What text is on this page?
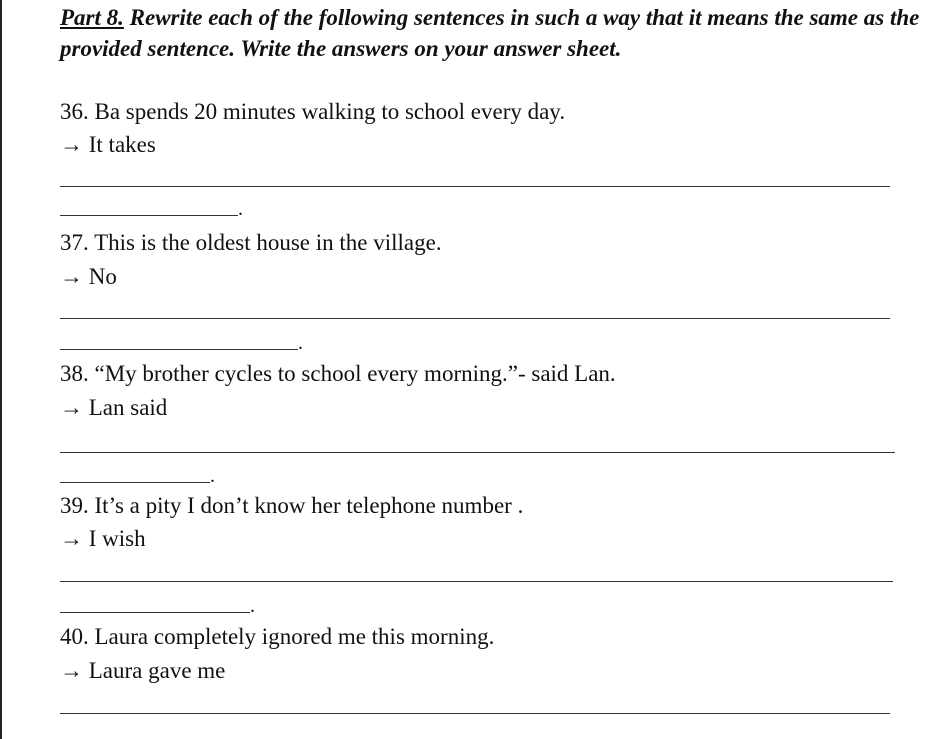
Part 8. Rewrite each of the following sentences in such a way that it means the same as the provided sentence. Write the answers on your answer sheet.
36. Ba spends 20 minutes walking to school every day.
→ It takes
.
37. This is the oldest house in the village.
→ No
.
38. “My brother cycles to school every morning.”- said Lan.
→ Lan said
.
39. It’s a pity I don’t know her telephone number .
→ I wish
.
40. Laura completely ignored me this morning.
→ Laura gave me
